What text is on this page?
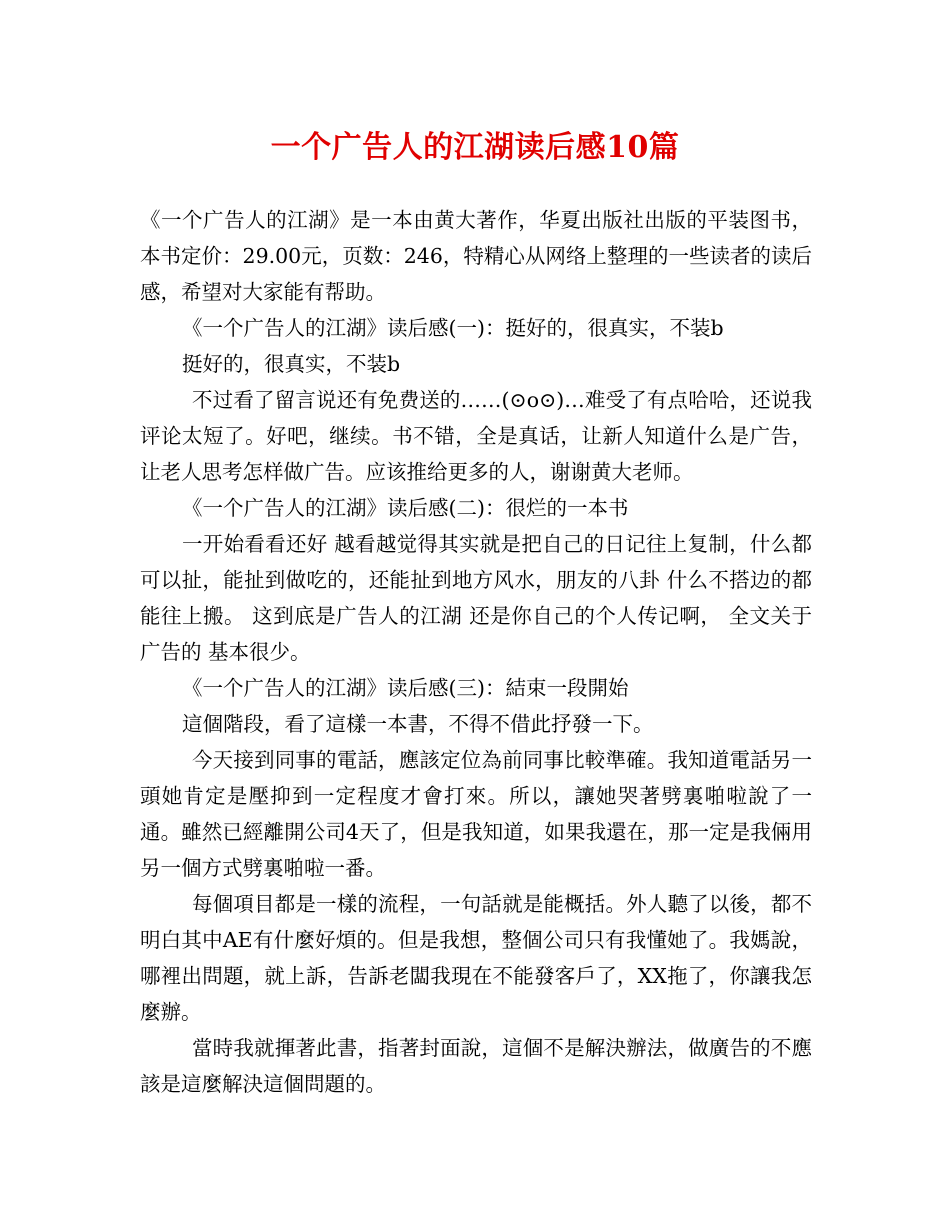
一个广告人的江湖读后感10篇

《一个广告人的江湖》是一本由黄大著作，华夏出版社出版的平装图书，本书定价：29.00元，页数：246，特精心从网络上整理的一些读者的读后感，希望对大家能有帮助。

《一个广告人的江湖》读后感(一)：挺好的，很真实，不装b

挺好的，很真实，不装b

不过看了留言说还有免费送的……(⊙o⊙)…难受了有点哈哈，还说我评论太短了。好吧，继续。书不错，全是真话，让新人知道什么是广告，让老人思考怎样做广告。应该推给更多的人，谢谢黄大老师。

《一个广告人的江湖》读后感(二)：很烂的一本书

一开始看看还好 越看越觉得其实就是把自己的日记往上复制，什么都可以扯，能扯到做吃的，还能扯到地方风水，朋友的八卦 什么不搭边的都能往上搬。 这到底是广告人的江湖 还是你自己的个人传记啊， 全文关于广告的 基本很少。

《一个广告人的江湖》读后感(三)：結束一段開始

這個階段，看了這樣一本書，不得不借此抒發一下。

今天接到同事的電話，應該定位為前同事比較準確。我知道電話另一頭她肯定是壓抑到一定程度才會打來。所以，讓她哭著劈裏啪啦說了一通。雖然已經離開公司4天了，但是我知道，如果我還在，那一定是我倆用另一個方式劈裏啪啦一番。

每個項目都是一樣的流程，一句話就是能概括。外人聽了以後，都不明白其中AE有什麼好煩的。但是我想，整個公司只有我懂她了。我媽說，哪裡出問題，就上訴，告訴老闆我現在不能發客戶了，XX拖了，你讓我怎麼辦。

當時我就揮著此書，指著封面說，這個不是解決辦法，做廣告的不應該是這麼解決這個問題的。
